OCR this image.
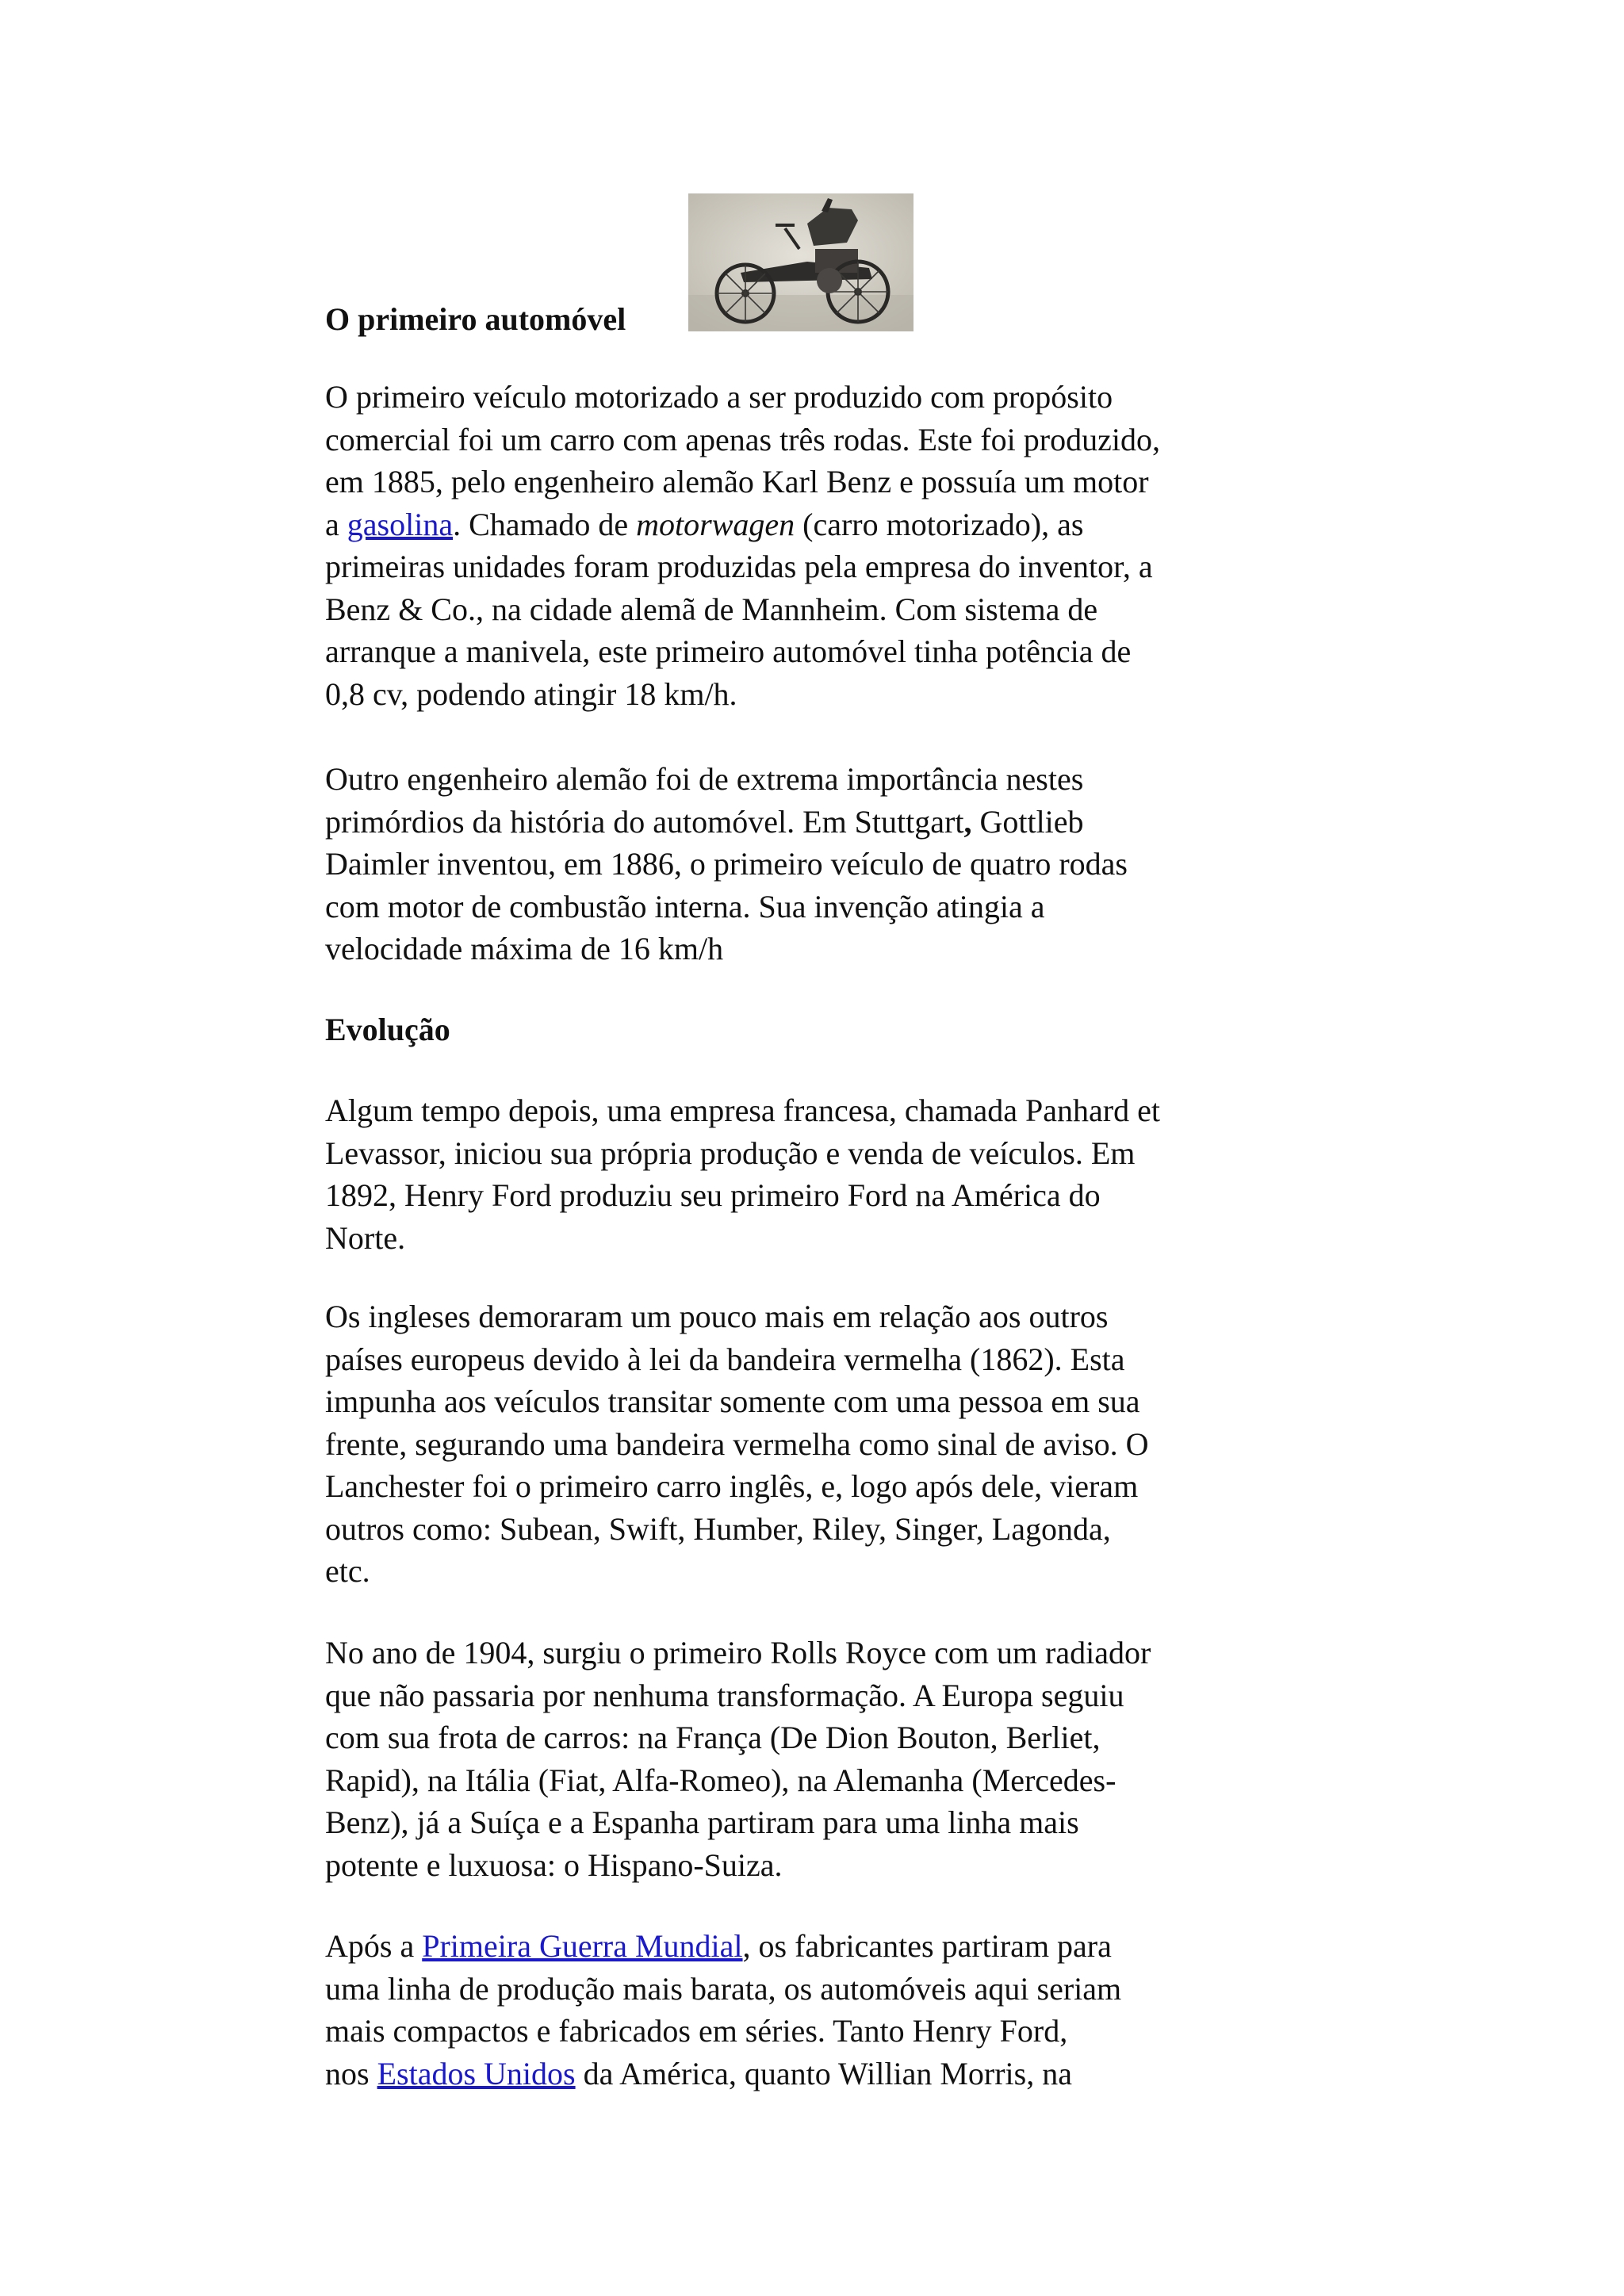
O primeiro automóvel

O primeiro veículo motorizado a ser produzido com propósito
comercial foi um carro com apenas três rodas. Este foi produzido,
em 1885, pelo engenheiro alemão Karl Benz e possuía um motor
a gasolina. Chamado de motorwagen (carro motorizado), as
primeiras unidades foram produzidas pela empresa do inventor, a
Benz & Co., na cidade alemã de Mannheim. Com sistema de
arranque a manivela, este primeiro automóvel tinha potência de
0,8 cv, podendo atingir 18 km/h.

Outro engenheiro alemão foi de extrema importância nestes
primórdios da história do automóvel. Em Stuttgart, Gottlieb
Daimler inventou, em 1886, o primeiro veículo de quatro rodas
com motor de combustão interna. Sua invenção atingia a
velocidade máxima de 16 km/h

Evolução

Algum tempo depois, uma empresa francesa, chamada Panhard et
Levassor, iniciou sua própria produção e venda de veículos. Em
1892, Henry Ford produziu seu primeiro Ford na América do
Norte.

Os ingleses demoraram um pouco mais em relação aos outros
países europeus devido à lei da bandeira vermelha (1862). Esta
impunha aos veículos transitar somente com uma pessoa em sua
frente, segurando uma bandeira vermelha como sinal de aviso. O
Lanchester foi o primeiro carro inglês, e, logo após dele, vieram
outros como: Subean, Swift, Humber, Riley, Singer, Lagonda,
etc.

No ano de 1904, surgiu o primeiro Rolls Royce com um radiador
que não passaria por nenhuma transformação. A Europa seguiu
com sua frota de carros: na França (De Dion Bouton, Berliet,
Rapid), na Itália (Fiat, Alfa-Romeo), na Alemanha (Mercedes-
Benz), já a Suíça e a Espanha partiram para uma linha mais
potente e luxuosa: o Hispano-Suiza.

Após a Primeira Guerra Mundial, os fabricantes partiram para
uma linha de produção mais barata, os automóveis aqui seriam
mais compactos e fabricados em séries. Tanto Henry Ford,
nos Estados Unidos da América, quanto Willian Morris, na
